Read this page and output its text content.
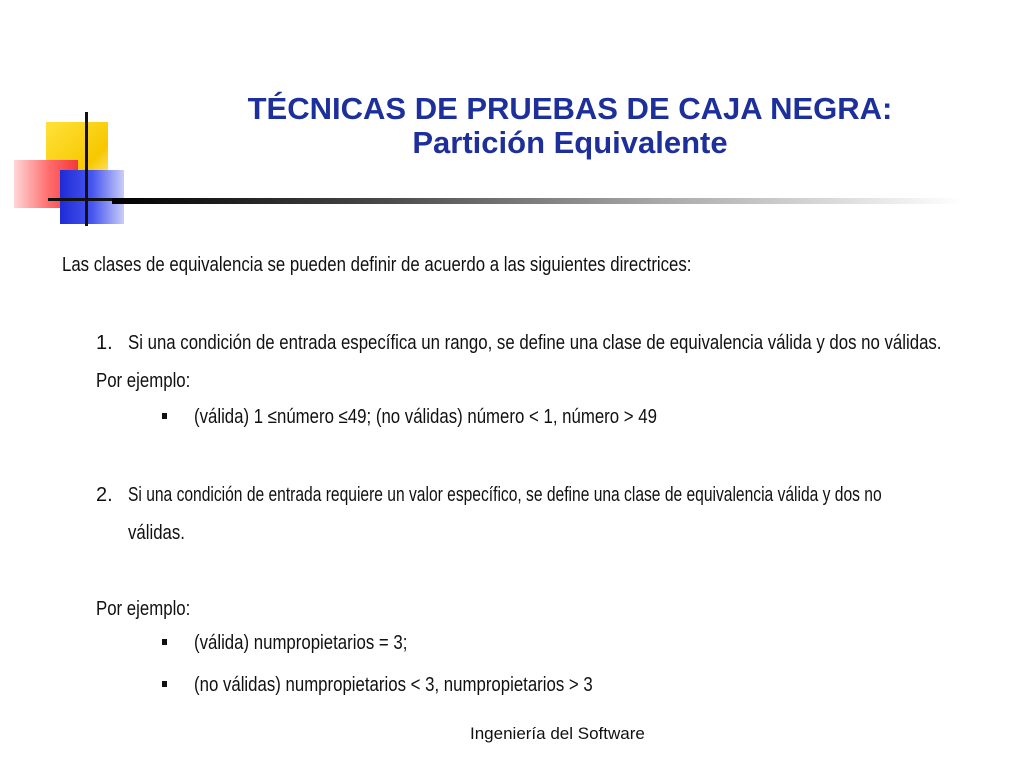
TÉCNICAS DE PRUEBAS DE CAJA NEGRA:
Partición Equivalente
Las clases de equivalencia se pueden definir de acuerdo a las siguientes directrices:
1. Si una condición de entrada específica un rango, se define una clase de equivalencia válida y dos no válidas.
Por ejemplo:
(válida) 1 ≤número ≤49; (no válidas) número < 1, número > 49
2. Si una condición de entrada requiere un valor específico, se define una clase de equivalencia válida y dos no
válidas.
Por ejemplo:
(válida) numpropietarios = 3;
(no válidas) numpropietarios < 3, numpropietarios > 3
Ingeniería del Software
